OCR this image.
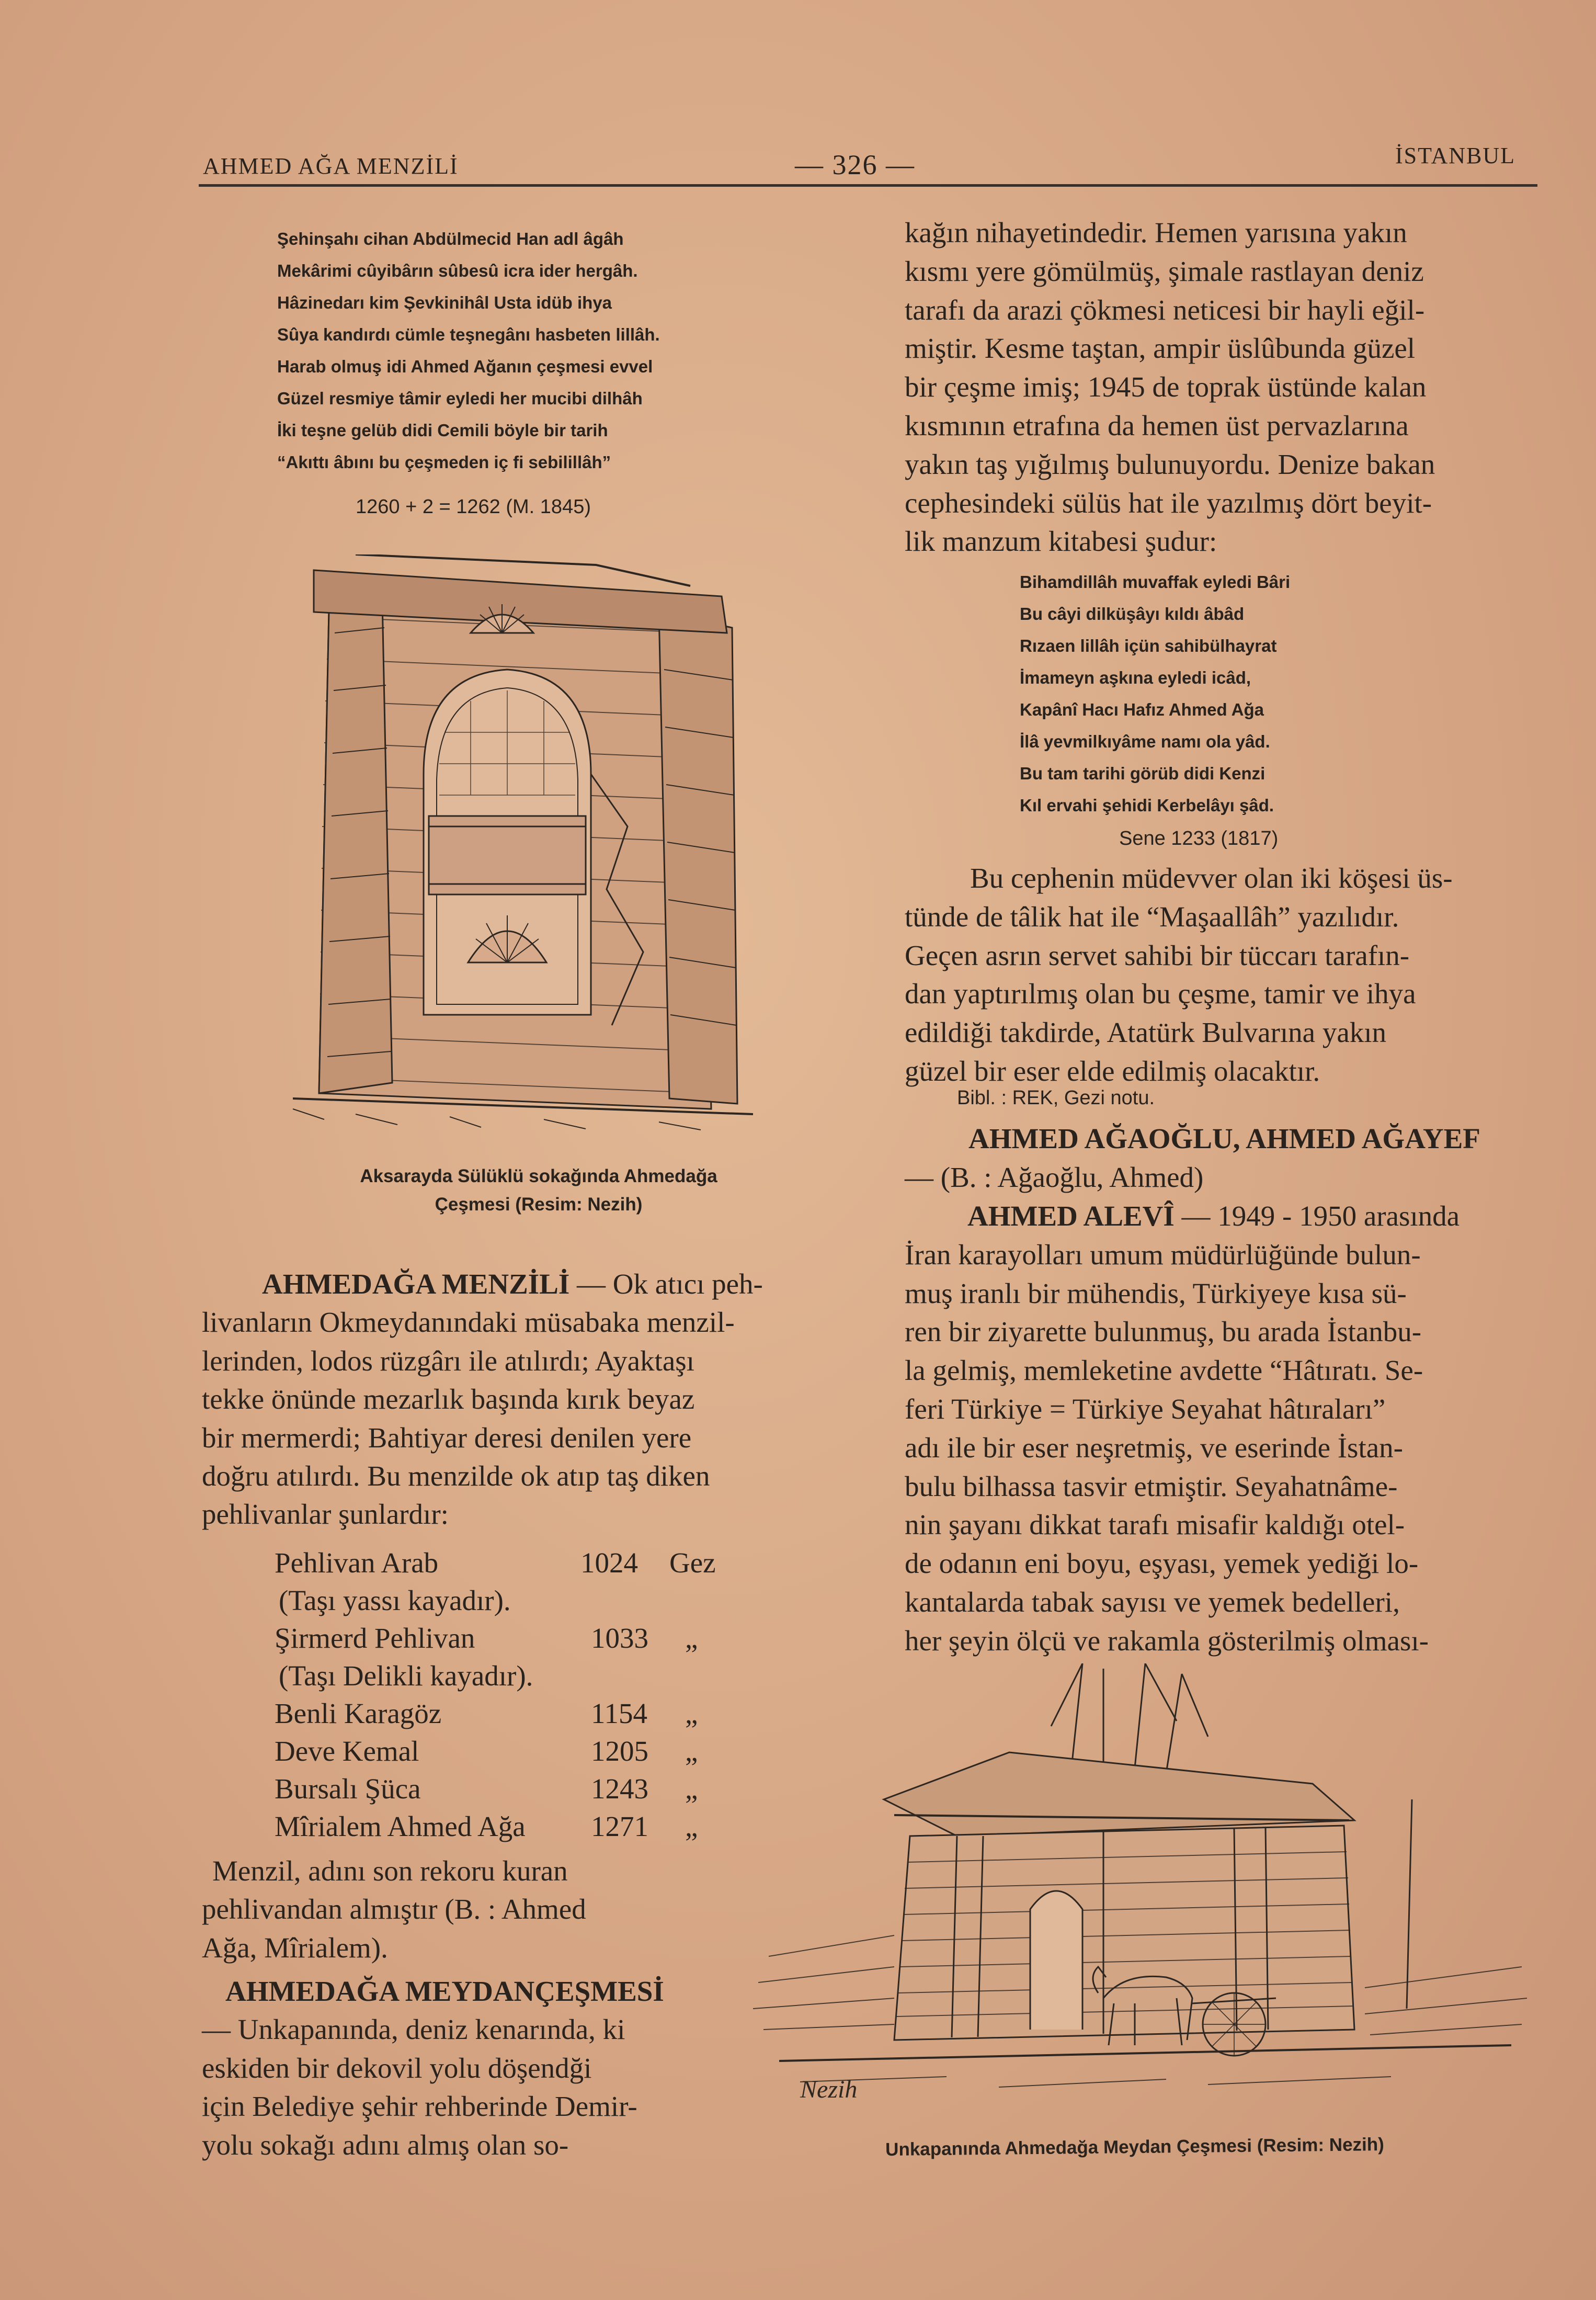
AHMED AĞA MENZİLİ	— 326 —	İSTANBUL
Şehinşahı cihan Abdülmecid Han adl âgâh
Mekârimi cûyibârın sûbesû icra ider hergâh.
Hâzinedarı kim Şevkinihâl Usta idüb ihya
Sûya kandırdı cümle teşnegânı hasbeten lillâh.
Harab olmuş idi Ahmed Ağanın çeşmesi evvel
Güzel resmiye tâmir eyledi her mucibi dilhâh
İki teşne gelüb didi Cemili böyle bir tarih
“Akıttı âbını bu çeşmeden iç fi sebilillâh”
1260 + 2 = 1262 (M. 1845)
Aksarayda Sülüklü sokağında Ahmedağa
Çeşmesi (Resim: Nezih)
AHMEDAĞA MENZİLİ — Ok atıcı peh-
livanların Okmeydanındaki müsabaka menzil-
lerinden, lodos rüzgârı ile atılırdı; Ayaktaşı
tekke önünde mezarlık başında kırık beyaz
bir mermerdi; Bahtiyar deresi denilen yere
doğru atılırdı. Bu menzilde ok atıp taş diken
pehlivanlar şunlardır:
Pehlivan Arab	1024 Gez
(Taşı yassı kayadır).
Şirmerd Pehlivan	1033 „
(Taşı Delikli kayadır).
Benli Karagöz	1154 „
Deve Kemal	1205 „
Bursalı Şüca	1243 „
Mîrialem Ahmed Ağa 1271 „
Menzil, adını son rekoru kuran
pehlivandan almıştır (B. : Ahmed
Ağa, Mîrialem).
AHMEDAĞA MEYDANÇEŞMESİ
— Unkapanında, deniz kenarında, ki
eskiden bir dekovil yolu döşendği
için Belediye şehir rehberinde Demir-
yolu sokağı adını almış olan so-
kağın nihayetindedir. Hemen yarısına yakın
kısmı yere gömülmüş, şimale rastlayan deniz
tarafı da arazi çökmesi neticesi bir hayli eğil-
miştir. Kesme taştan, ampir üslûbunda güzel
bir çeşme imiş; 1945 de toprak üstünde kalan
kısmının etrafına da hemen üst pervazlarına
yakın taş yığılmış bulunuyordu. Denize bakan
cephesindeki sülüs hat ile yazılmış dört beyit-
lik manzum kitabesi şudur:
Bihamdillâh muvaffak eyledi Bâri
Bu câyi dilküşâyı kıldı âbâd
Rızaen lillâh içün sahibülhayrat
İmameyn aşkına eyledi icâd,
Kapânî Hacı Hafız Ahmed Ağa
İlâ yevmilkıyâme namı ola yâd.
Bu tam tarihi görüb didi Kenzi
Kıl ervahi şehidi Kerbelâyı şâd.
Sene 1233 (1817)
Bu cephenin müdevver olan iki köşesi üs-
tünde de tâlik hat ile “Maşaallâh” yazılıdır.
Geçen asrın servet sahibi bir tüccarı tarafın-
dan yaptırılmış olan bu çeşme, tamir ve ihya
edildiği takdirde, Atatürk Bulvarına yakın
güzel bir eser elde edilmiş olacaktır.
Bibl. : REK, Gezi notu.
AHMED AĞAOĞLU, AHMED AĞAYEF
— (B. : Ağaoğlu, Ahmed)
AHMED ALEVÎ — 1949 - 1950 arasında
İran karayolları umum müdürlüğünde bulun-
muş iranlı bir mühendis, Türkiyeye kısa sü-
ren bir ziyarette bulunmuş, bu arada İstanbu-
la gelmiş, memleketine avdette “Hâtıratı. Se-
feri Türkiye = Türkiye Seyahat hâtıraları”
adı ile bir eser neşretmiş, ve eserinde İstan-
bulu bilhassa tasvir etmiştir. Seyahatnâme-
nin şayanı dikkat tarafı misafir kaldığı otel-
de odanın eni boyu, eşyası, yemek yediği lo-
kantalarda tabak sayısı ve yemek bedelleri,
her şeyin ölçü ve rakamla gösterilmiş olması-
Nezih
Unkapanında Ahmedağa Meydan Çeşmesi (Resim: Nezih)
